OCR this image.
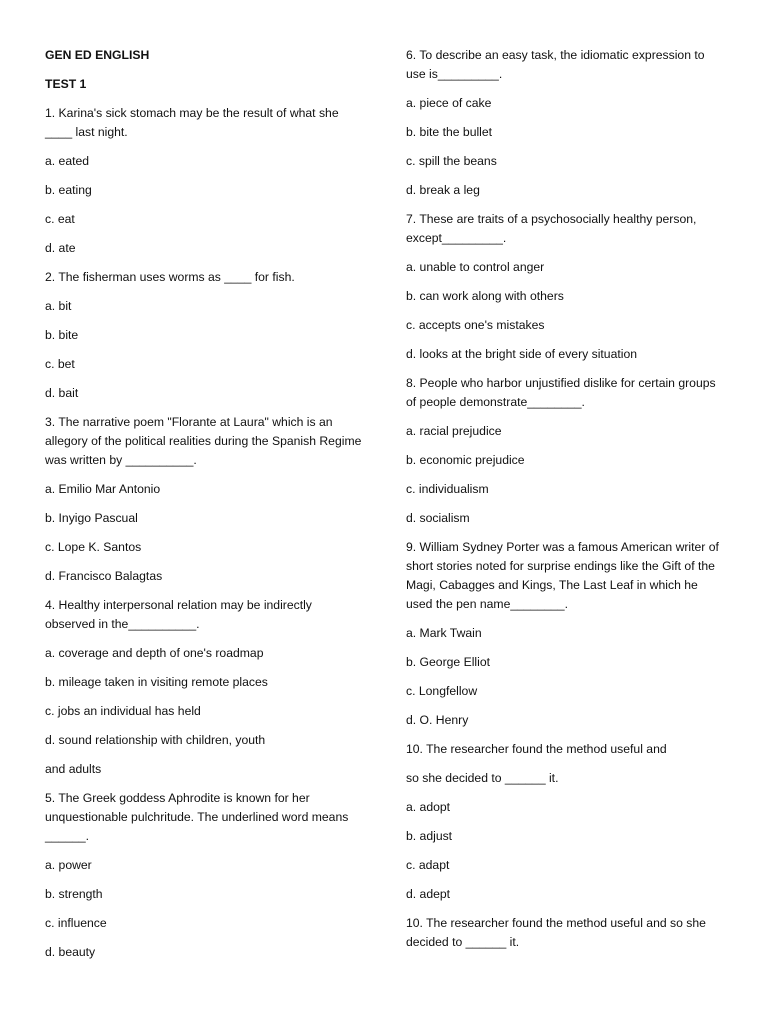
GEN ED ENGLISH

TEST 1

1. Karina's sick stomach may be the result of what she ____ last night.

a. eated

b. eating

c. eat

d. ate

2. The fisherman uses worms as ____ for fish.

a. bit

b. bite

c. bet

d. bait

3. The narrative poem "Florante at Laura" which is an allegory of the political realities during the Spanish Regime was written by __________.

a. Emilio Mar Antonio

b. Inyigo Pascual

c. Lope K. Santos

d. Francisco Balagtas

4. Healthy interpersonal relation may be indirectly observed in the__________.

a. coverage and depth of one's roadmap

b. mileage taken in visiting remote places

c. jobs an individual has held

d. sound relationship with children, youth

and adults

5. The Greek goddess Aphrodite is known for her unquestionable pulchritude. The underlined word means ______.

a. power

b. strength

c. influence

d. beauty

6. To describe an easy task, the idiomatic expression to use is_________.

a. piece of cake

b. bite the bullet

c. spill the beans

d. break a leg

7. These are traits of a psychosocially healthy person, except_________.

a. unable to control anger

b. can work along with others

c. accepts one's mistakes

d. looks at the bright side of every situation

8. People who harbor unjustified dislike for certain groups of people demonstrate________.

a. racial prejudice

b. economic prejudice

c. individualism

d. socialism

9. William Sydney Porter was a famous American writer of short stories noted for surprise endings like the Gift of the Magi, Cabagges and Kings, The Last Leaf in which he used the pen name________.

a. Mark Twain

b. George Elliot

c. Longfellow

d. O. Henry

10. The researcher found the method useful and

so she decided to ______ it.

a. adopt

b. adjust

c. adapt

d. adept

10. The researcher found the method useful and so she decided to ______ it.
